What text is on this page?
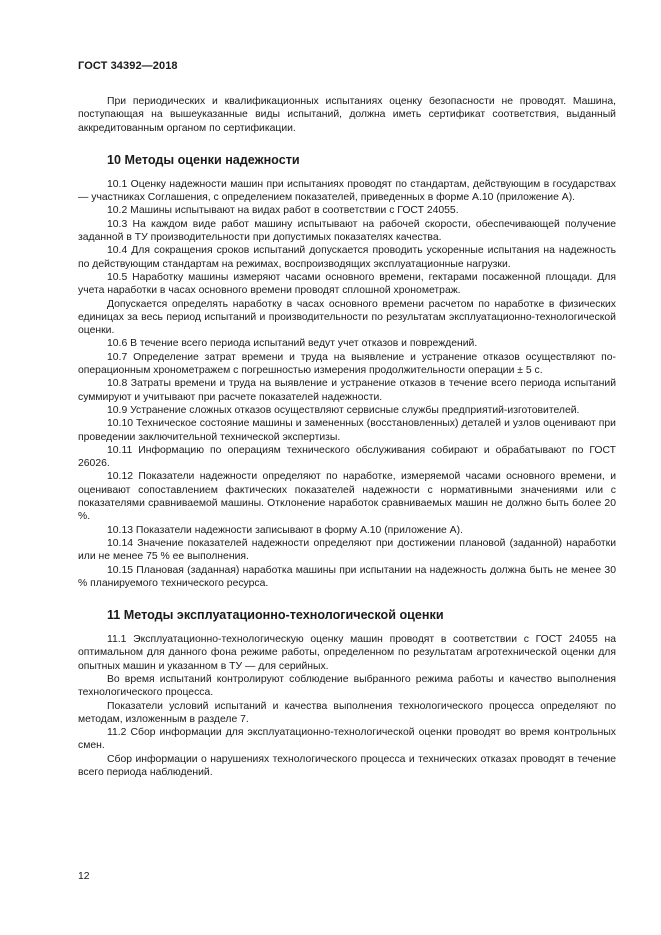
ГОСТ 34392—2018

При периодических и квалификационных испытаниях оценку безопасности не проводят. Машина, поступающая на вышеуказанные виды испытаний, должна иметь сертификат соответствия, выданный аккредитованным органом по сертификации.

10 Методы оценки надежности

10.1 Оценку надежности машин при испытаниях проводят по стандартам, действующим в государствах — участниках Соглашения, с определением показателей, приведенных в форме А.10 (приложение А).

10.2 Машины испытывают на видах работ в соответствии с ГОСТ 24055.

10.3 На каждом виде работ машину испытывают на рабочей скорости, обеспечивающей получение заданной в ТУ производительности при допустимых показателях качества.

10.4 Для сокращения сроков испытаний допускается проводить ускоренные испытания на надежность по действующим стандартам на режимах, воспроизводящих эксплуатационные нагрузки.

10.5 Наработку машины измеряют часами основного времени, гектарами посаженной площади. Для учета наработки в часах основного времени проводят сплошной хронометраж.

Допускается определять наработку в часах основного времени расчетом по наработке в физических единицах за весь период испытаний и производительности по результатам эксплуатационно-технологической оценки.

10.6 В течение всего периода испытаний ведут учет отказов и повреждений.

10.7 Определение затрат времени и труда на выявление и устранение отказов осуществляют пооперационным хронометражем с погрешностью измерения продолжительности операции ± 5 с.

10.8 Затраты времени и труда на выявление и устранение отказов в течение всего периода испытаний суммируют и учитывают при расчете показателей надежности.

10.9 Устранение сложных отказов осуществляют сервисные службы предприятий-изготовителей.

10.10 Техническое состояние машины и замененных (восстановленных) деталей и узлов оценивают при проведении заключительной технической экспертизы.

10.11 Информацию по операциям технического обслуживания собирают и обрабатывают по ГОСТ 26026.

10.12 Показатели надежности определяют по наработке, измеряемой часами основного времени, и оценивают сопоставлением фактических показателей надежности с нормативными значениями или с показателями сравниваемой машины. Отклонение наработок сравниваемых машин не должно быть более 20 %.

10.13 Показатели надежности записывают в форму А.10 (приложение А).

10.14 Значение показателей надежности определяют при достижении плановой (заданной) наработки или не менее 75 % ее выполнения.

10.15 Плановая (заданная) наработка машины при испытании на надежность должна быть не менее 30 % планируемого технического ресурса.

11 Методы эксплуатационно-технологической оценки

11.1 Эксплуатационно-технологическую оценку машин проводят в соответствии с ГОСТ 24055 на оптимальном для данного фона режиме работы, определенном по результатам агротехнической оценки для опытных машин и указанном в ТУ — для серийных.

Во время испытаний контролируют соблюдение выбранного режима работы и качество выполнения технологического процесса.

Показатели условий испытаний и качества выполнения технологического процесса определяют по методам, изложенным в разделе 7.

11.2 Сбор информации для эксплуатационно-технологической оценки проводят во время контрольных смен.

Сбор информации о нарушениях технологического процесса и технических отказах проводят в течение всего периода наблюдений.

12
